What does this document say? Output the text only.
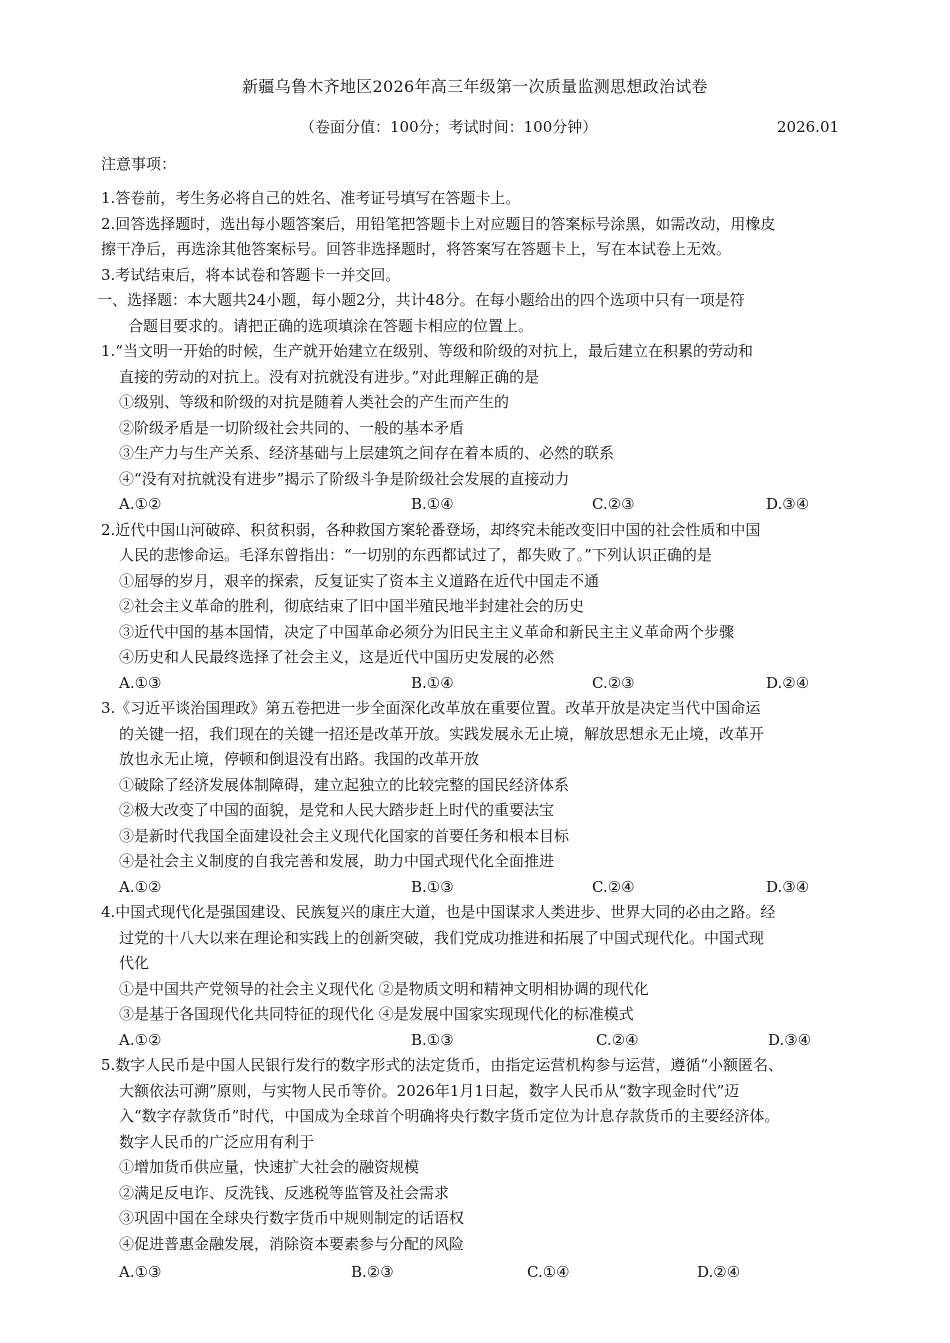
新疆乌鲁木齐地区2026年高三年级第一次质量监测思想政治试卷
（卷面分值：100分；考试时间：100分钟）	2026.01
注意事项：
1.答卷前，考生务必将自己的姓名、准考证号填写在答题卡上。
2.回答选择题时，选出每小题答案后，用铅笔把答题卡上对应题目的答案标号涂黑，如需改动，用橡皮
擦干净后，再选涂其他答案标号。回答非选择题时，将答案写在答题卡上，写在本试卷上无效。
3.考试结束后，将本试卷和答题卡一并交回。
一、选择题：本大题共24小题，每小题2分，共计48分。在每小题给出的四个选项中只有一项是符
合题目要求的。请把正确的选项填涂在答题卡相应的位置上。
1.“当文明一开始的时候，生产就开始建立在级别、等级和阶级的对抗上，最后建立在积累的劳动和
直接的劳动的对抗上。没有对抗就没有进步。”对此理解正确的是
①级别、等级和阶级的对抗是随着人类社会的产生而产生的
②阶级矛盾是一切阶级社会共同的、一般的基本矛盾
③生产力与生产关系、经济基础与上层建筑之间存在着本质的、必然的联系
④“没有对抗就没有进步”揭示了阶级斗争是阶级社会发展的直接动力
A.①②	B.①④	C.②③	D.③④
2.近代中国山河破碎、积贫积弱，各种救国方案轮番登场，却终究未能改变旧中国的社会性质和中国
人民的悲惨命运。毛泽东曾指出：“一切别的东西都试过了，都失败了。”下列认识正确的是
①屈辱的岁月，艰辛的探索，反复证实了资本主义道路在近代中国走不通
②社会主义革命的胜利，彻底结束了旧中国半殖民地半封建社会的历史
③近代中国的基本国情，决定了中国革命必须分为旧民主主义革命和新民主主义革命两个步骤
④历史和人民最终选择了社会主义，这是近代中国历史发展的必然
A.①③	B.①④	C.②③	D.②④
3.《习近平谈治国理政》第五卷把进一步全面深化改革放在重要位置。改革开放是决定当代中国命运
的关键一招，我们现在的关键一招还是改革开放。实践发展永无止境，解放思想永无止境，改革开
放也永无止境，停顿和倒退没有出路。我国的改革开放
①破除了经济发展体制障碍，建立起独立的比较完整的国民经济体系
②极大改变了中国的面貌，是党和人民大踏步赶上时代的重要法宝
③是新时代我国全面建设社会主义现代化国家的首要任务和根本目标
④是社会主义制度的自我完善和发展，助力中国式现代化全面推进
A.①②	B.①③	C.②④	D.③④
4.中国式现代化是强国建设、民族复兴的康庄大道，也是中国谋求人类进步、世界大同的必由之路。经
过党的十八大以来在理论和实践上的创新突破，我们党成功推进和拓展了中国式现代化。中国式现
代化
①是中国共产党领导的社会主义现代化 ②是物质文明和精神文明相协调的现代化
③是基于各国现代化共同特征的现代化 ④是发展中国家实现现代化的标准模式
A.①②	B.①③	C.②④	D.③④
5.数字人民币是中国人民银行发行的数字形式的法定货币，由指定运营机构参与运营，遵循“小额匿名、
大额依法可溯”原则，与实物人民币等价。2026年1月1日起，数字人民币从“数字现金时代”迈
入“数字存款货币”时代，中国成为全球首个明确将央行数字货币定位为计息存款货币的主要经济体。
数字人民币的广泛应用有利于
①增加货币供应量，快速扩大社会的融资规模
②满足反电诈、反洗钱、反逃税等监管及社会需求
③巩固中国在全球央行数字货币中规则制定的话语权
④促进普惠金融发展，消除资本要素参与分配的风险
A.①③	B.②③	C.①④	D.②④
